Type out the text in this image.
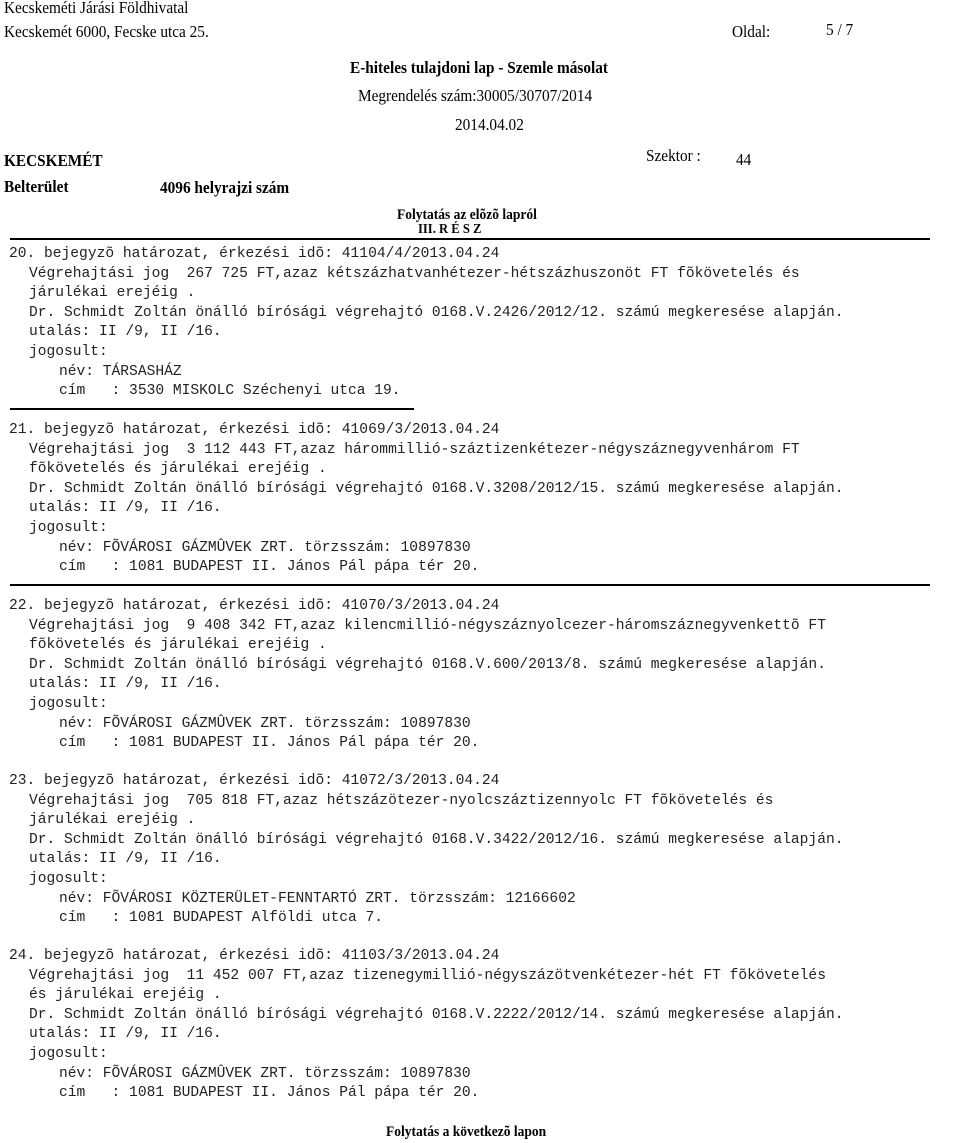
Kecskeméti Járási Földhivatal
Kecskemét 6000, Fecske utca 25.	Oldal:	5 / 7
E-hiteles tulajdoni lap - Szemle másolat
Megrendelés szám:30005/30707/2014
2014.04.02
KECSKEMÉT	Szektor :	44
Belterület	4096 helyrajzi szám
Folytatás az elõzõ lapról
III. R É S Z
20. bejegyzõ határozat, érkezési idõ: 41104/4/2013.04.24
Végrehajtási jog  267 725 FT,azaz kétszázhatvanhétezer-hétszázhuszonöt FT fõkövetelés és
járulékai erejéig .
Dr. Schmidt Zoltán önálló bírósági végrehajtó 0168.V.2426/2012/12. számú megkeresése alapján.
utalás: II /9, II /16.
jogosult:
név: TÁRSASHÁZ
cím   : 3530 MISKOLC Széchenyi utca 19.
21. bejegyzõ határozat, érkezési idõ: 41069/3/2013.04.24
Végrehajtási jog  3 112 443 FT,azaz hárommillió-száztizenkétezer-négyszáznegyvenhárom FT
fõkövetelés és járulékai erejéig .
Dr. Schmidt Zoltán önálló bírósági végrehajtó 0168.V.3208/2012/15. számú megkeresése alapján.
utalás: II /9, II /16.
jogosult:
név: FÕVÁROSI GÁZMÛVEK ZRT. törzsszám: 10897830
cím   : 1081 BUDAPEST II. János Pál pápa tér 20.
22. bejegyzõ határozat, érkezési idõ: 41070/3/2013.04.24
Végrehajtási jog  9 408 342 FT,azaz kilencmillió-négyszáznyolcezer-háromszáznegyvenkettõ FT
fõkövetelés és járulékai erejéig .
Dr. Schmidt Zoltán önálló bírósági végrehajtó 0168.V.600/2013/8. számú megkeresése alapján.
utalás: II /9, II /16.
jogosult:
név: FÕVÁROSI GÁZMÛVEK ZRT. törzsszám: 10897830
cím   : 1081 BUDAPEST II. János Pál pápa tér 20.
23. bejegyzõ határozat, érkezési idõ: 41072/3/2013.04.24
Végrehajtási jog  705 818 FT,azaz hétszázötezer-nyolcszáztizennyolc FT fõkövetelés és
járulékai erejéig .
Dr. Schmidt Zoltán önálló bírósági végrehajtó 0168.V.3422/2012/16. számú megkeresése alapján.
utalás: II /9, II /16.
jogosult:
név: FÕVÁROSI KÖZTERÜLET-FENNTARTÓ ZRT. törzsszám: 12166602
cím   : 1081 BUDAPEST Alföldi utca 7.
24. bejegyzõ határozat, érkezési idõ: 41103/3/2013.04.24
Végrehajtási jog  11 452 007 FT,azaz tizenegymillió-négyszázötvenkétezer-hét FT fõkövetelés
és járulékai erejéig .
Dr. Schmidt Zoltán önálló bírósági végrehajtó 0168.V.2222/2012/14. számú megkeresése alapján.
utalás: II /9, II /16.
jogosult:
név: FÕVÁROSI GÁZMÛVEK ZRT. törzsszám: 10897830
cím   : 1081 BUDAPEST II. János Pál pápa tér 20.
Folytatás a következõ lapon
